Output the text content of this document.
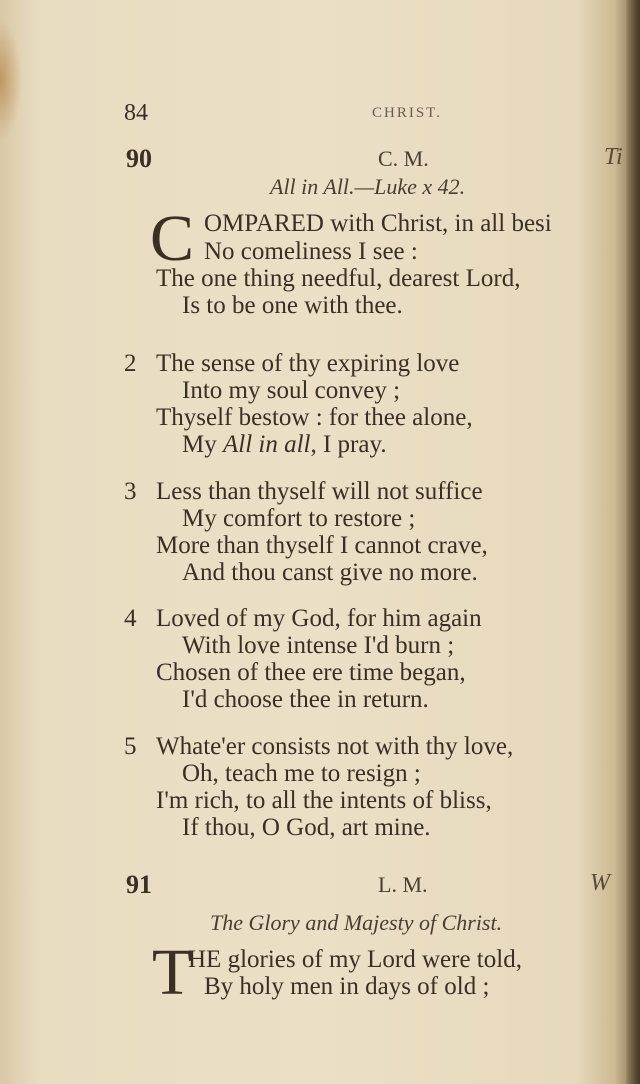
84	CHRIST.
90	C. M.	Ti
All in All.—Luke x 42.
C OMPARED with Christ, in all besi
No comeliness I see :
The one thing needful, dearest Lord,
Is to be one with thee.
2 The sense of thy expiring love
Into my soul convey ;
Thyself bestow : for thee alone,
My All in all, I pray.
3 Less than thyself will not suffice
My comfort to restore ;
More than thyself I cannot crave,
And thou canst give no more.
4 Loved of my God, for him again
With love intense I'd burn ;
Chosen of thee ere time began,
I'd choose thee in return.
5 Whate'er consists not with thy love,
Oh, teach me to resign ;
I'm rich, to all the intents of bliss,
If thou, O God, art mine.
91	L. M.	W
The Glory and Majesty of Christ.
T
HE glories of my Lord were told,
By holy men in days of old ;
